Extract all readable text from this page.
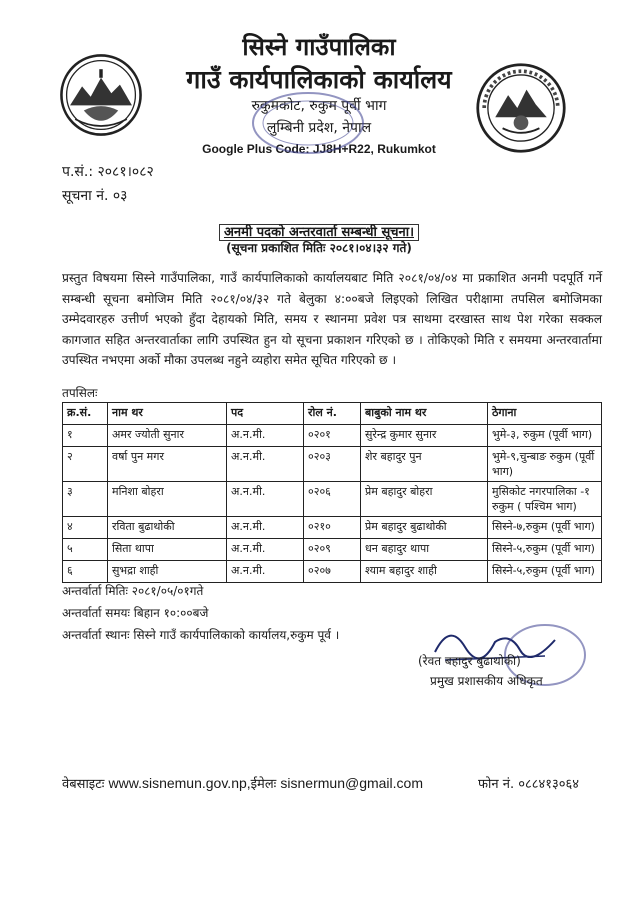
सिस्ने गाउँपालिका
गाउँ कार्यपालिकाको कार्यालय
रुकुमकोट, रुकुम पूर्वी भाग
लुम्बिनी प्रदेश, नेपाल
Google Plus Code: JJ8H+R22, Rukumkot
प.सं.: २०८१।०८२
सूचना नं. ०३
अनमी पदको अन्तरवार्ता सम्बन्धी सूचना।
(सूचना प्रकाशित मितिः २०८१।०४।३२ गते)
प्रस्तुत विषयमा सिस्ने गाउँपालिका, गाउँ कार्यपालिकाको कार्यालयबाट मिति २०८१/०४/०४ मा प्रकाशित अनमी पदपूर्ति गर्ने सम्बन्धी सूचना बमोजिम मिति २०८१/०४/३२ गते बेलुका ४:००बजे लिइएको लिखित परीक्षामा तपसिल बमोजिमका उम्मेदवारहरु उत्तीर्ण भएको हुँदा देहायको मिति, समय र स्थानमा प्रवेश पत्र साथमा दरखास्त साथ पेश गरेका सक्कल कागजात सहित अन्तरवार्ताका लागि उपस्थित हुन यो सूचना प्रकाशन गरिएको छ । तोकिएको मिति र समयमा अन्तरवार्तामा उपस्थित नभएमा अर्को मौका उपलब्ध नहुने व्यहोरा समेत सूचित गरिएको छ ।
तपसिलः
क्र.सं.	नाम थर	पद	रोल नं.	बाबुको नाम थर	ठेगाना
१	अमर ज्योती सुनार	अ.न.मी.	०२०१	सुरेन्द्र कुमार सुनार	भुमे-३, रुकुम (पूर्वी भाग)
२	वर्षा पुन मगर	अ.न.मी.	०२०३	शेर बहादुर पुन	भुमे-९,चुन्बाङ रुकुम (पूर्वी भाग)
३	मनिशा बोहरा	अ.न.मी.	०२०६	प्रेम बहादुर बोहरा	मुसिकोट नगरपालिका -१ रुकुम ( पश्चिम भाग)
४	रविता बुढाथोकी	अ.न.मी.	०२१०	प्रेम बहादुर बुढाथोकी	सिस्ने-७,रुकुम (पूर्वी भाग)
५	सिता थापा	अ.न.मी.	०२०९	धन बहादुर थापा	सिस्ने-५,रुकुम (पूर्वी भाग)
६	सुभद्रा शाही	अ.न.मी.	०२०७	श्याम बहादुर शाही	सिस्ने-५,रुकुम (पूर्वी भाग)
अन्तर्वार्ता मितिः २०८१/०५/०१गते
अन्तर्वार्ता समयः बिहान १०:००बजे
अन्तर्वार्ता स्थानः सिस्ने गाउँ कार्यपालिकाको कार्यालय,रुकुम पूर्व ।
(रेवत बहादुर बुढाथोकी)
प्रमुख प्रशासकीय अधिकृत
वेबसाइटः www.sisnemun.gov.np,ईमेलः sisnermun@gmail.com	फोन नं. ०८८४१३०६४
